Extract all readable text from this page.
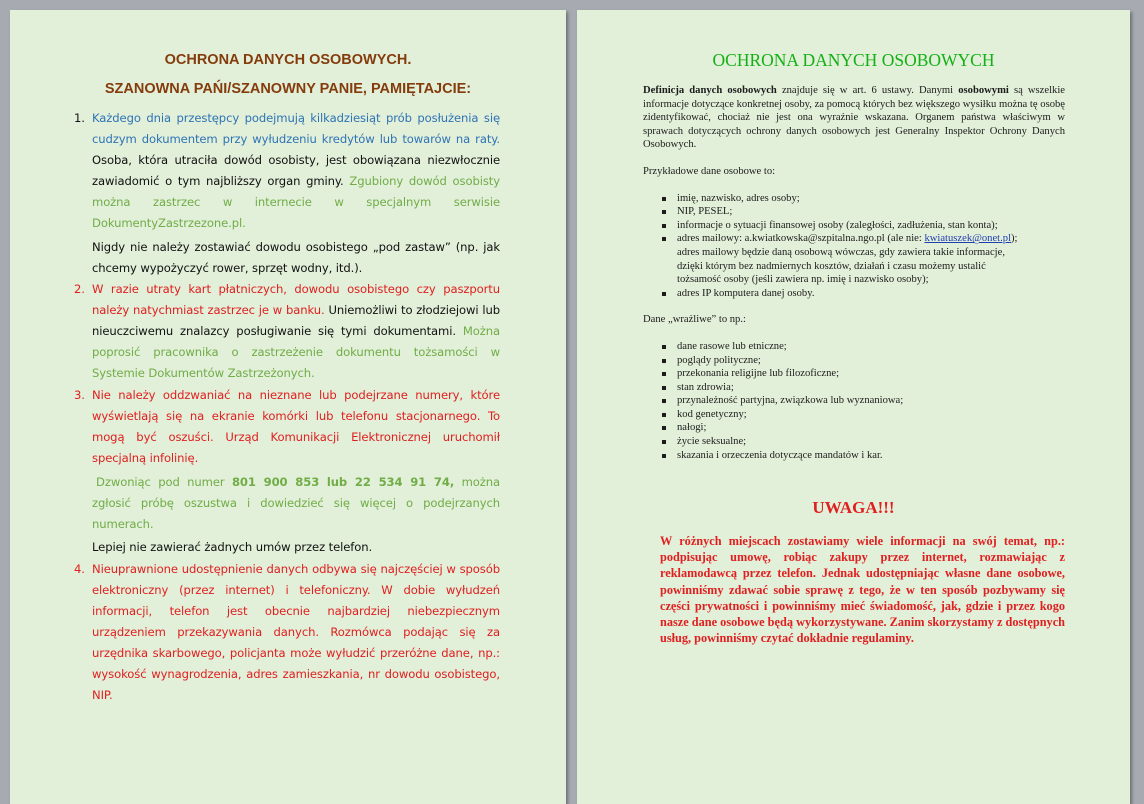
OCHRONA DANYCH OSOBOWYCH.
SZANOWNA PAŃI/SZANOWNY PANIE, PAMIĘTAJCIE:
1. Każdego dnia przestępcy podejmują kilkadziesiąt prób posłużenia się cudzym dokumentem przy wyłudzeniu kredytów lub towarów na raty. Osoba, która utraciła dowód osobisty, jest obowiązana niezwłocznie zawiadomić o tym najbliższy organ gminy. Zgubiony dowód osobisty można zastrzec w internecie w specjalnym serwisie DokumentyZastrzezone.pl.

Nigdy nie należy zostawiać dowodu osobistego „pod zastaw” (np. jak chcemy wypożyczyć rower, sprzęt wodny, itd.).

2. W razie utraty kart płatniczych, dowodu osobistego czy paszportu należy natychmiast zastrzec je w banku. Uniemożliwi to złodziejowi lub nieuczciwemu znalazcy posługiwanie się tymi dokumentami. Można poprosić pracownika o zastrzeżenie dokumentu tożsamości w Systemie Dokumentów Zastrzeżonych.

3. Nie należy oddzwaniać na nieznane lub podejrzane numery, które wyświetlają się na ekranie komórki lub telefonu stacjonarnego. To mogą być oszuści. Urząd Komunikacji Elektronicznej uruchomił specjalną infolinię.

Dzwoniąc pod numer 801 900 853 lub 22 534 91 74, można zgłosić próbę oszustwa i dowiedzieć się więcej o podejrzanych numerach.

Lepiej nie zawierać żadnych umów przez telefon.

4. Nieuprawnione udostępnienie danych odbywa się najczęściej w sposób elektroniczny (przez internet) i telefoniczny. W dobie wyłudzeń informacji, telefon jest obecnie najbardziej niebezpiecznym urządzeniem przekazywania danych. Rozmówca podając się za urzędnika skarbowego, policjanta może wyłudzić przeróżne dane, np.: wysokość wynagrodzenia, adres zamieszkania, nr dowodu osobistego, NIP.

OCHRONA DANYCH OSOBOWYCH

Definicja danych osobowych znajduje się w art. 6 ustawy. Danymi osobowymi są wszelkie informacje dotyczące konkretnej osoby, za pomocą których bez większego wysiłku można tę osobę zidentyfikować, chociaż nie jest ona wyraźnie wskazana. Organem państwa właściwym w sprawach dotyczących ochrony danych osobowych jest Generalny Inspektor Ochrony Danych Osobowych.

Przykładowe dane osobowe to:

imię, nazwisko, adres osoby;
NIP, PESEL;
informacje o sytuacji finansowej osoby (zaległości, zadłużenia, stan konta);
adres mailowy: a.kwiatkowska@szpitalna.ngo.pl (ale nie: kwiatuszek@onet.pl); adres mailowy będzie daną osobową wówczas, gdy zawiera takie informacje, dzięki którym bez nadmiernych kosztów, działań i czasu możemy ustalić tożsamość osoby (jeśli zawiera np. imię i nazwisko osoby);
adres IP komputera danej osoby.

Dane „wrażliwe” to np.:

dane rasowe lub etniczne;
poglądy polityczne;
przekonania religijne lub filozoficzne;
stan zdrowia;
przynależność partyjna, związkowa lub wyznaniowa;
kod genetyczny;
nałogi;
życie seksualne;
skazania i orzeczenia dotyczące mandatów i kar.
UWAGA!!!
W różnych miejscach zostawiamy wiele informacji na swój temat, np.: podpisując umowę, robiąc zakupy przez internet, rozmawiając z reklamodawcą przez telefon. Jednak udostępniając własne dane osobowe, powinniśmy zdawać sobie sprawę z tego, że w ten sposób pozbywamy się części prywatności i powinniśmy mieć świadomość, jak, gdzie i przez kogo nasze dane osobowe będą wykorzystywane. Zanim skorzystamy z dostępnych usług, powinniśmy czytać dokładnie regulaminy.
